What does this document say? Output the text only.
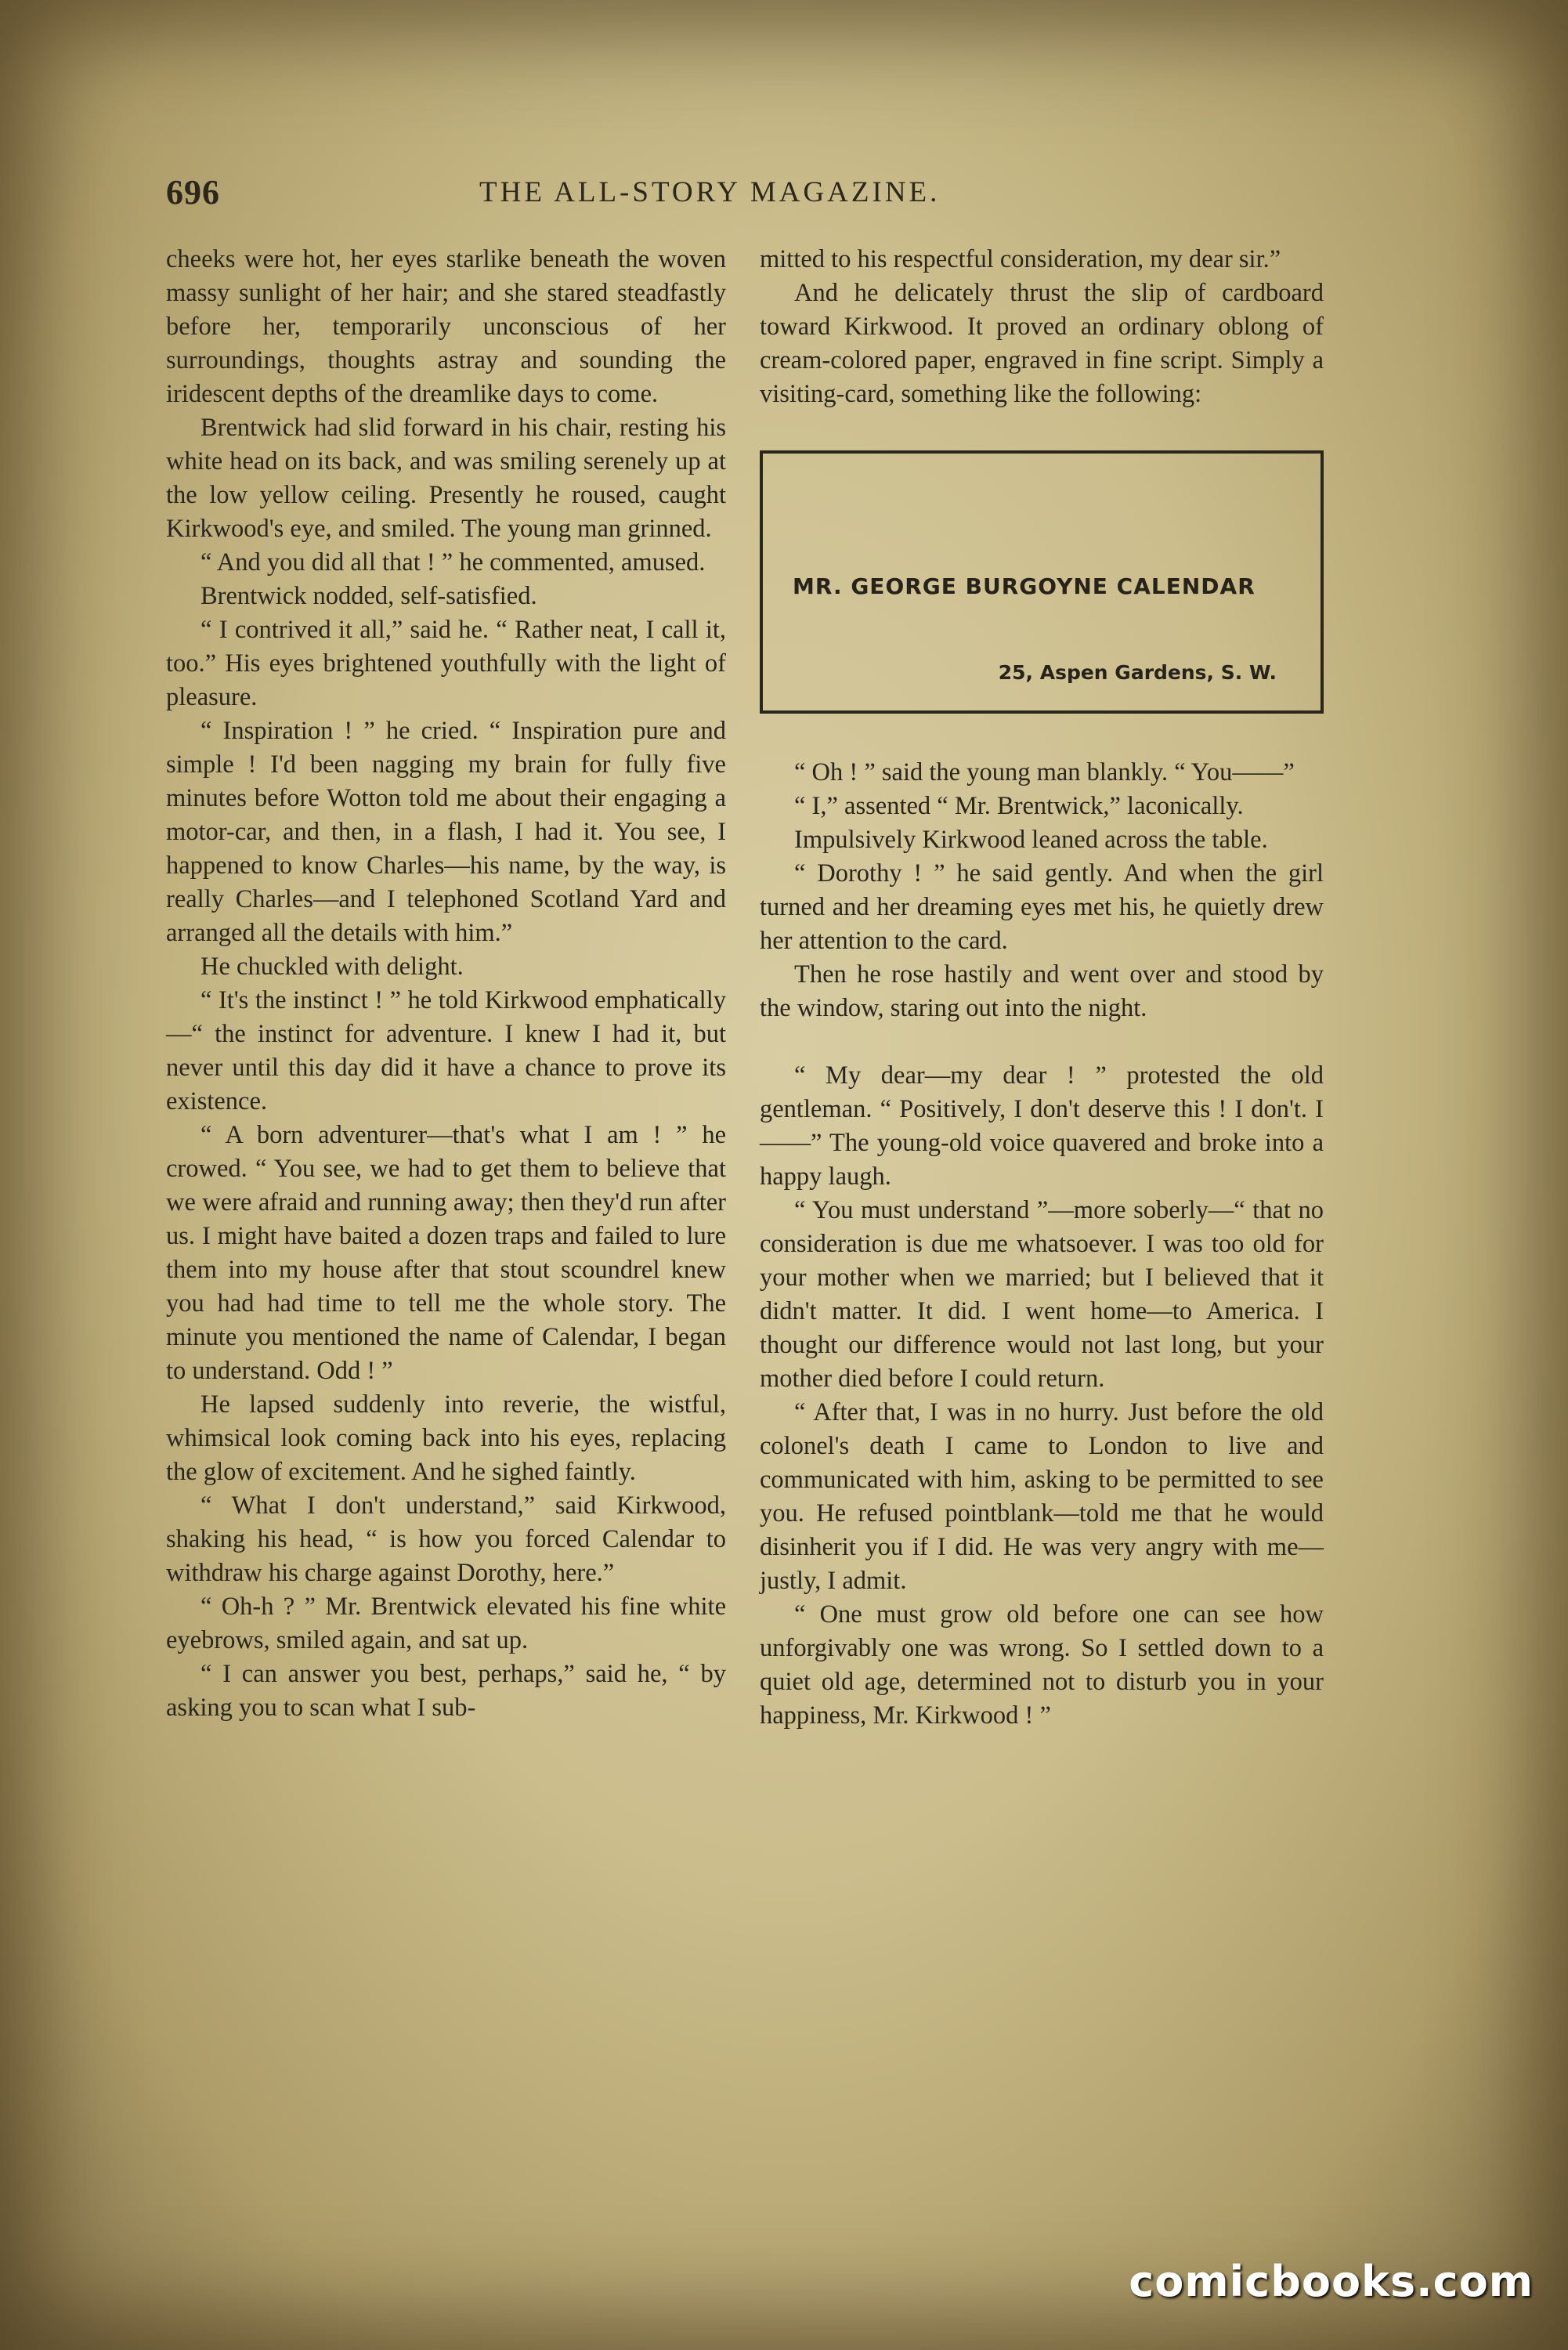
696	THE ALL-STORY MAGAZINE.

cheeks were hot, her eyes starlike beneath the woven massy sunlight of her hair; and she stared steadfastly before her, temporarily unconscious of her surroundings, thoughts astray and sounding the iridescent depths of the dreamlike days to come.

Brentwick had slid forward in his chair, resting his white head on its back, and was smiling serenely up at the low yellow ceiling. Presently he roused, caught Kirkwood's eye, and smiled. The young man grinned.

“ And you did all that ! ” he commented, amused.

Brentwick nodded, self-satisfied.

“ I contrived it all,” said he. “ Rather neat, I call it, too.” His eyes brightened youthfully with the light of pleasure.

“ Inspiration ! ” he cried. “ Inspiration pure and simple ! I'd been nagging my brain for fully five minutes before Wotton told me about their engaging a motor-car, and then, in a flash, I had it. You see, I happened to know Charles—his name, by the way, is really Charles—and I telephoned Scotland Yard and arranged all the details with him.”

He chuckled with delight.

“ It's the instinct ! ” he told Kirkwood emphatically—“ the instinct for adventure. I knew I had it, but never until this day did it have a chance to prove its existence.

“ A born adventurer—that's what I am ! ” he crowed. “ You see, we had to get them to believe that we were afraid and running away; then they'd run after us. I might have baited a dozen traps and failed to lure them into my house after that stout scoundrel knew you had had time to tell me the whole story. The minute you mentioned the name of Calendar, I began to understand. Odd ! ”

He lapsed suddenly into reverie, the wistful, whimsical look coming back into his eyes, replacing the glow of excitement. And he sighed faintly.

“ What I don't understand,” said Kirkwood, shaking his head, “ is how you forced Calendar to withdraw his charge against Dorothy, here.”

“ Oh-h ? ” Mr. Brentwick elevated his fine white eyebrows, smiled again, and sat up.

“ I can answer you best, perhaps,” said he, “ by asking you to scan what I sub-

mitted to his respectful consideration, my dear sir.”

And he delicately thrust the slip of cardboard toward Kirkwood. It proved an ordinary oblong of cream-colored paper, engraved in fine script. Simply a visiting-card, something like the following:

MR. GEORGE BURGOYNE CALENDAR
25, Aspen Gardens, S. W.

“ Oh ! ” said the young man blankly. “ You——”

“ I,” assented “ Mr. Brentwick,” laconically.

Impulsively Kirkwood leaned across the table.

“ Dorothy ! ” he said gently. And when the girl turned and her dreaming eyes met his, he quietly drew her attention to the card.

Then he rose hastily and went over and stood by the window, staring out into the night.

“ My dear—my dear ! ” protested the old gentleman. “ Positively, I don't deserve this ! I don't. I——” The young-old voice quavered and broke into a happy laugh.

“ You must understand ”—more soberly—“ that no consideration is due me whatsoever. I was too old for your mother when we married; but I believed that it didn't matter. It did. I went home—to America. I thought our difference would not last long, but your mother died before I could return.

“ After that, I was in no hurry. Just before the old colonel's death I came to London to live and communicated with him, asking to be permitted to see you. He refused pointblank—told me that he would disinherit you if I did. He was very angry with me—justly, I admit.

“ One must grow old before one can see how unforgivably one was wrong. So I settled down to a quiet old age, determined not to disturb you in your happiness, Mr. Kirkwood ! ”

comicbooks.com
